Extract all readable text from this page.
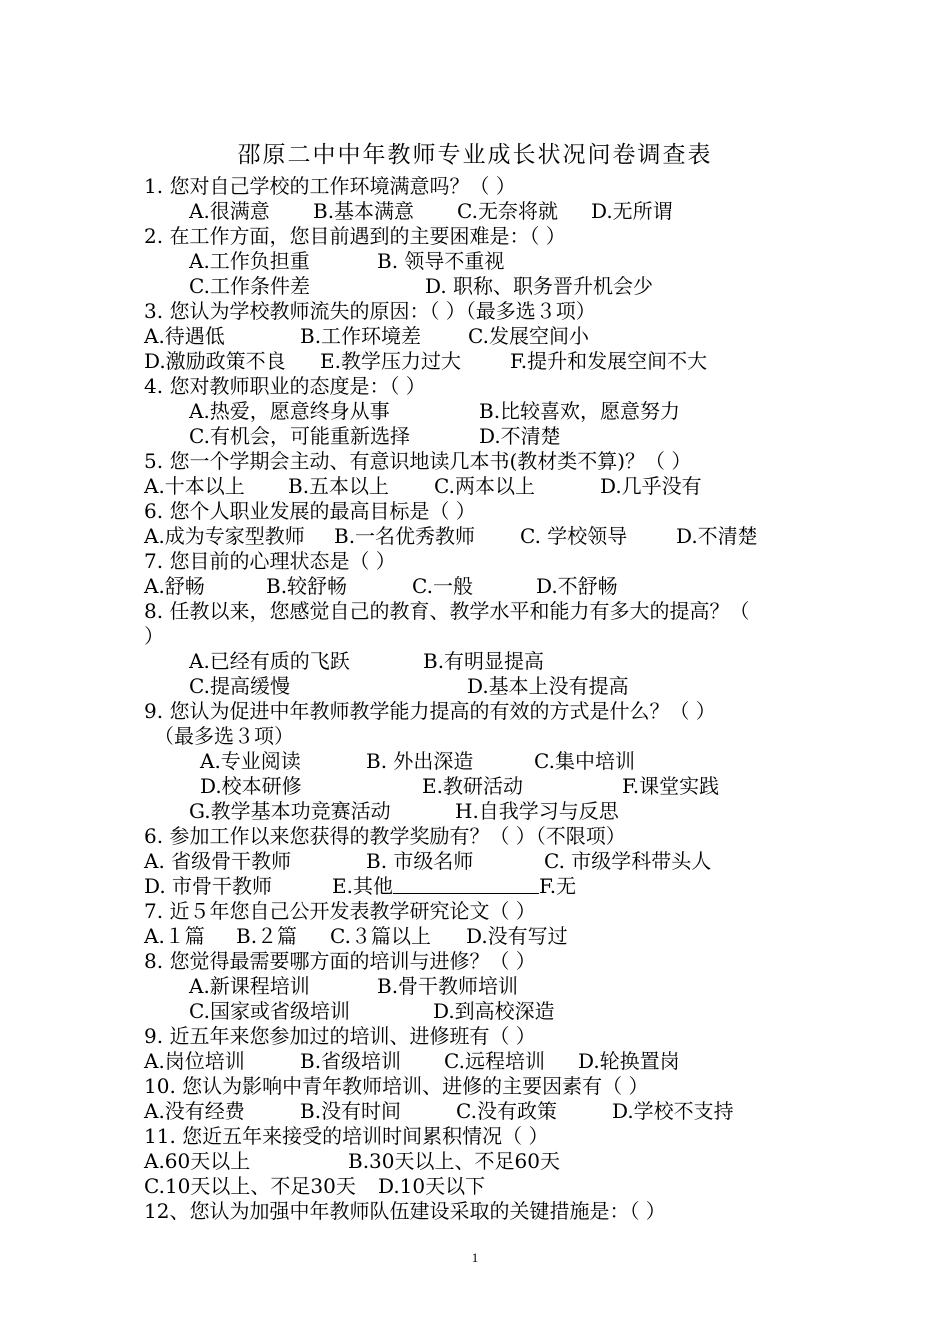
邵原二中中年教师专业成长状况问卷调查表
1. 您对自己学校的工作环境满意吗？（ ）
A.很满意 B.基本满意 C.无奈将就 D.无所谓
2. 在工作方面，您目前遇到的主要困难是：（ ）
A.工作负担重	B. 领导不重视
C.工作条件差	D. 职称、职务晋升机会少
3. 您认为学校教师流失的原因：（ ）（最多选３项）
A.待遇低	B.工作环境差 C.发展空间小
D.激励政策不良 E.教学压力过大 F.提升和发展空间不大
4. 您对教师职业的态度是：（ ）
A.热爱，愿意终身从事	B.比较喜欢，愿意努力
C.有机会，可能重新选择	D.不清楚
5. 您一个学期会主动、有意识地读几本书(教材类不算)？（ ）
A.十本以上 B.五本以上 C.两本以上	D.几乎没有
6. 您个人职业发展的最高目标是（ ）
A.成为专家型教师 B.一名优秀教师 C. 学校领导 D.不清楚
7. 您目前的心理状态是（ ）
A.舒畅	B.较舒畅	C.一般	D.不舒畅
8. 任教以来，您感觉自己的教育、教学水平和能力有多大的提高？（
）
A.已经有质的飞跃	B.有明显提高
C.提高缓慢	D.基本上没有提高
9. 您认为促进中年教师教学能力提高的有效的方式是什么？（ ）
（最多选３项）
A.专业阅读	B. 外出深造	C.集中培训
D.校本研修	E.教研活动	F.课堂实践
G.教学基本功竞赛活动	H.自我学习与反思
6. 参加工作以来您获得的教学奖励有？（ ）（不限项）
A. 省级骨干教师	B. 市级名师	C. 市级学科带头人
D. 市骨干教师	E.其他	F.无
7. 近５年您自己公开发表教学研究论文（ ）
A.１篇 B.２篇 C.３篇以上 D.没有写过
8. 您觉得最需要哪方面的培训与进修？（ ）
A.新课程培训	B.骨干教师培训
C.国家或省级培训	D.到高校深造
9. 近五年来您参加过的培训、进修班有（ ）
A.岗位培训	B.省级培训 C.远程培训 D.轮换置岗
10. 您认为影响中青年教师培训、进修的主要因素有（ ）
A.没有经费	B.没有时间	C.没有政策	D.学校不支持
11. 您近五年来接受的培训时间累积情况（ ）
A.60天以上	B.30天以上、不足60天
C.10天以上、不足30天 D.10天以下
12、您认为加强中年教师队伍建设采取的关键措施是：（ ）
1
